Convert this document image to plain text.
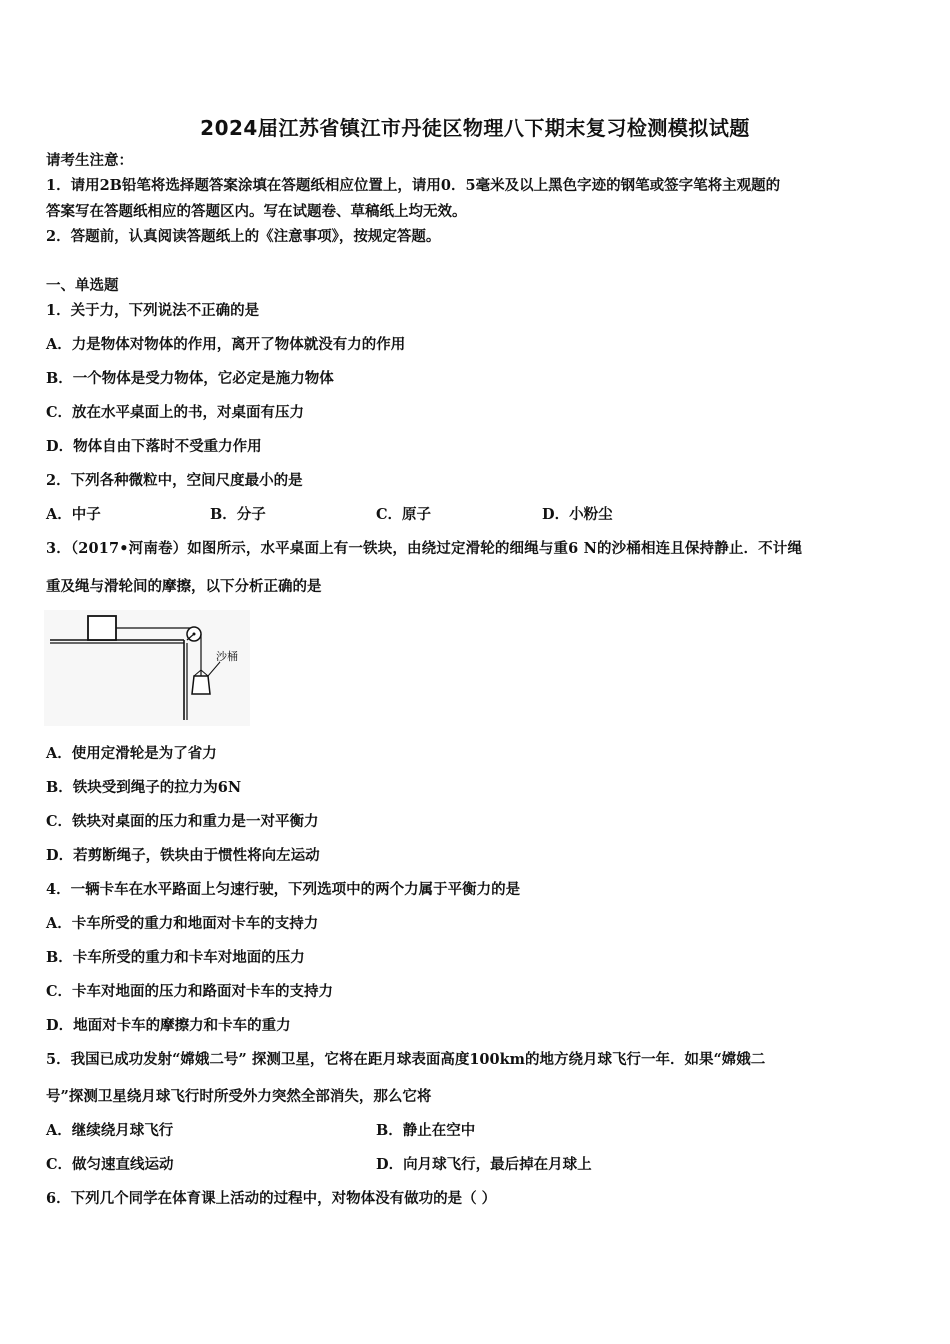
2024届江苏省镇江市丹徒区物理八下期末复习检测模拟试题
请考生注意：
1．请用2B铅笔将选择题答案涂填在答题纸相应位置上，请用0．5毫米及以上黑色字迹的钢笔或签字笔将主观题的
答案写在答题纸相应的答题区内。写在试题卷、草稿纸上均无效。
2．答题前，认真阅读答题纸上的《注意事项》，按规定答题。
一、单选题
1．关于力，下列说法不正确的是
A．力是物体对物体的作用，离开了物体就没有力的作用
B．一个物体是受力物体，它必定是施力物体
C．放在水平桌面上的书，对桌面有压力
D．物体自由下落时不受重力作用
2．下列各种微粒中，空间尺度最小的是
A．中子	B．分子	C．原子	D．小粉尘
3．（2017•河南卷）如图所示，水平桌面上有一铁块，由绕过定滑轮的细绳与重6 N的沙桶相连且保持静止．不计绳
重及绳与滑轮间的摩擦，以下分析正确的是
沙桶
A．使用定滑轮是为了省力
B．铁块受到绳子的拉力为6N
C．铁块对桌面的压力和重力是一对平衡力
D．若剪断绳子，铁块由于惯性将向左运动
4．一辆卡车在水平路面上匀速行驶，下列选项中的两个力属于平衡力的是
A．卡车所受的重力和地面对卡车的支持力
B．卡车所受的重力和卡车对地面的压力
C．卡车对地面的压力和路面对卡车的支持力
D．地面对卡车的摩擦力和卡车的重力
5．我国已成功发射“嫦娥二号” 探测卫星，它将在距月球表面高度100km的地方绕月球飞行一年．如果“嫦娥二
号”探测卫星绕月球飞行时所受外力突然全部消失，那么它将
A．继续绕月球飞行	B．静止在空中
C．做匀速直线运动	D．向月球飞行，最后掉在月球上
6．下列几个同学在体育课上活动的过程中，对物体没有做功的是（ ）
